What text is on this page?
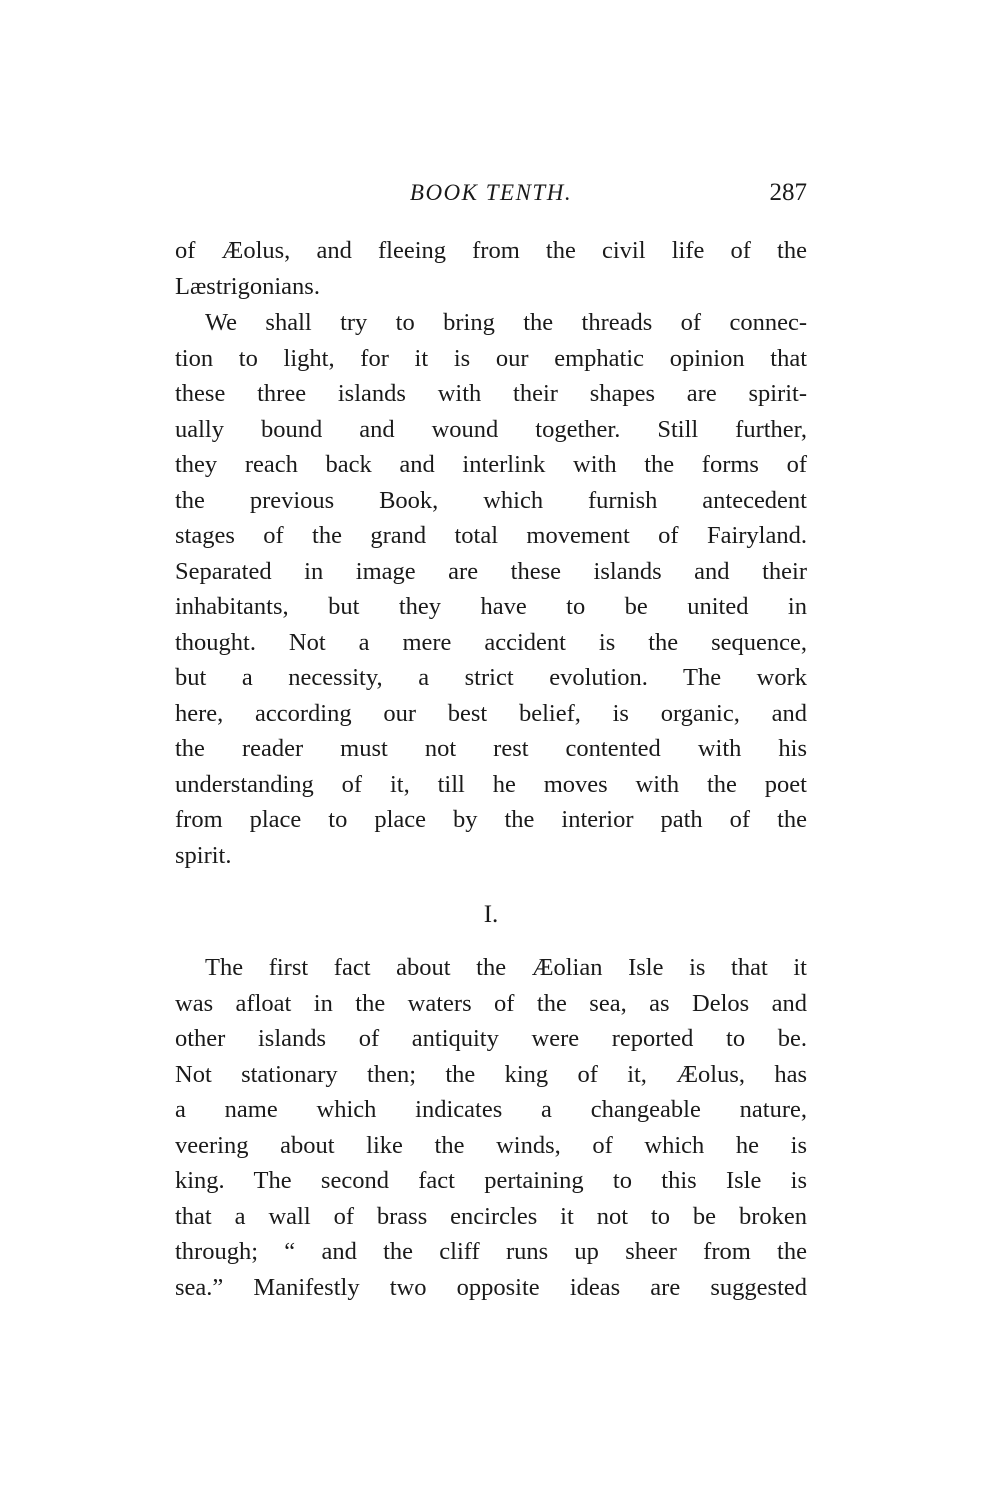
BOOK TENTH.	287
of Æolus, and fleeing from the civil life of the
Læstrigonians.
We shall try to bring the threads of connec-
tion to light, for it is our emphatic opinion that
these three islands with their shapes are spirit-
ually bound and wound together. Still further,
they reach back and interlink with the forms of
the previous Book, which furnish antecedent
stages of the grand total movement of Fairyland.
Separated in image are these islands and their
inhabitants, but they have to be united in
thought. Not a mere accident is the sequence,
but a necessity, a strict evolution. The work
here, according our best belief, is organic, and
the reader must not rest contented with his
understanding of it, till he moves with the poet
from place to place by the interior path of the
spirit.
I.
The first fact about the Æolian Isle is that it
was afloat in the waters of the sea, as Delos and
other islands of antiquity were reported to be.
Not stationary then; the king of it, Æolus, has
a name which indicates a changeable nature,
veering about like the winds, of which he is
king. The second fact pertaining to this Isle is
that a wall of brass encircles it not to be broken
through; “ and the cliff runs up sheer from the
sea.” Manifestly two opposite ideas are suggested
